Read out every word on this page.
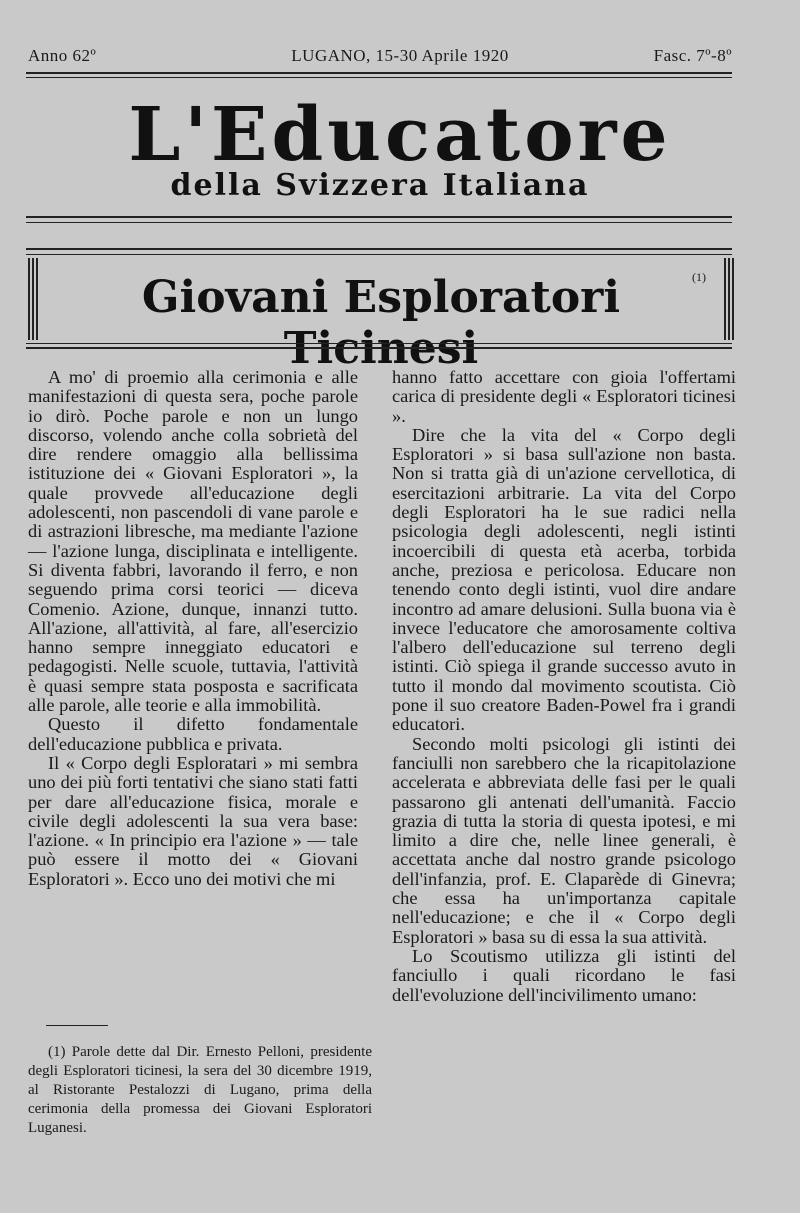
Anno 62º	LUGANO, 15-30 Aprile 1920	Fasc. 7º-8º
L'Educatore
della Svizzera Italiana
Giovani Esploratori	(1)

A mo' di proemio alla cerimonia e alle manifestazioni di questa sera, poche parole io dirò. Poche parole e non un lungo discorso, volendo anche colla sobrietà del dire rendere omaggio alla bellissima istituzione dei « Giovani Esploratori », la quale provvede all'educazione degli adolescenti, non pascendoli di vane parole e di astrazioni libresche, ma mediante l'azione — l'azione lunga, disciplinata e intelligente. Si diventa fabbri, lavorando il ferro, e non seguendo prima corsi teorici — diceva Comenio. Azione, dunque, innanzi tutto. All'azione, all'attività, al fare, all'esercizio hanno sempre inneggiato educatori e pedagogisti. Nelle scuole, tuttavia, l'attività è quasi sempre stata posposta e sacrificata alle parole, alle teorie e alla immobilità.

Questo il difetto fondamentale dell'educazione pubblica e privata.

Il « Corpo degli Esploratari » mi sembra uno dei più forti tentativi che siano stati fatti per dare all'educazione fisica, morale e civile degli adolescenti la sua vera base: l'azione. « In principio era l'azione » — tale può essere il motto dei « Giovani Esploratori ». Ecco uno dei motivi che mi

hanno fatto accettare con gioia l'offertami carica di presidente degli « Esploratori ticinesi ».

Dire che la vita del « Corpo degli Esploratori » si basa sull'azione non basta. Non si tratta già di un'azione cervellotica, di esercitazioni arbitrarie. La vita del Corpo degli Esploratori ha le sue radici nella psicologia degli adolescenti, negli istinti incoercibili di questa età acerba, torbida anche, preziosa e pericolosa. Educare non tenendo conto degli istinti, vuol dire andare incontro ad amare delusioni. Sulla buona via è invece l'educatore che amorosamente coltiva l'albero dell'educazione sul terreno degli istinti. Ciò spiega il grande successo avuto in tutto il mondo dal movimento scoutista. Ciò pone il suo creatore Baden-Powel fra i grandi educatori.

Secondo molti psicologi gli istinti dei fanciulli non sarebbero che la ricapitolazione accelerata e abbreviata delle fasi per le quali passarono gli antenati dell'umanità. Faccio grazia di tutta la storia di questa ipotesi, e mi limito a dire che, nelle linee generali, è accettata anche dal nostro grande psicologo dell'infanzia, prof. E. Claparède di Ginevra; che essa ha un'importanza capitale nell'educazione; e che il « Corpo degli Esploratori » basa su di essa la sua attività.

Lo Scoutismo utilizza gli istinti del fanciullo i quali ricordano le fasi dell'evoluzione dell'incivilimento umano:

(1) Parole dette dal Dir. Ernesto Pelloni, presidente degli Esploratori ticinesi, la sera del 30 dicembre 1919, al Ristorante Pestalozzi di Lugano, prima della cerimonia della promessa dei Giovani Esploratori Luganesi.
